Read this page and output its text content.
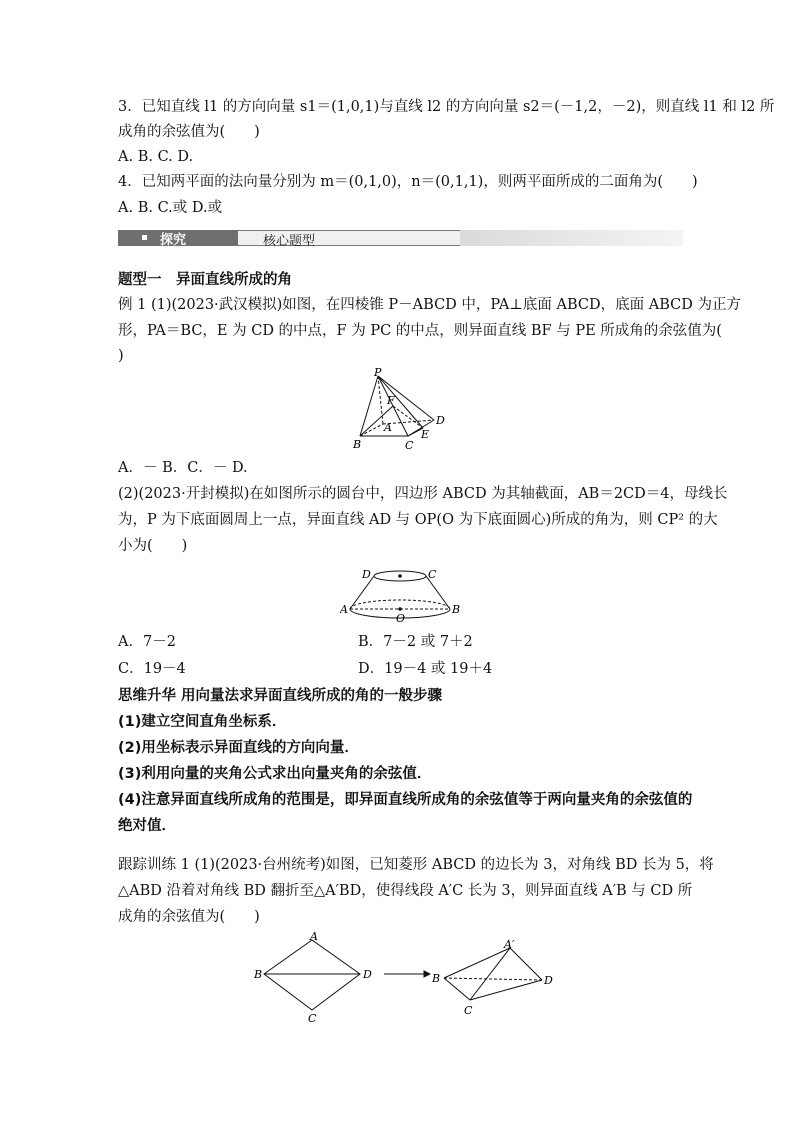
3．已知直线 l1 的方向向量 s1＝(1,0,1)与直线 l2 的方向向量 s2＝(－1,2，－2)，则直线 l1 和 l2 所
成角的余弦值为(　　)
A. B. C. D.
4．已知两平面的法向量分别为 m＝(0,1,0)，n＝(0,1,1)，则两平面所成的二面角为(　　)
A. B. C.或 D.或
探究	核心题型
题型一　异面直线所成的角
例 1 (1)(2023·武汉模拟)如图，在四棱锥 P－ABCD 中，PA⊥底面 ABCD，底面 ABCD 为正方
形，PA＝BC，E 为 CD 的中点，F 为 PC 的中点，则异面直线 BF 与 PE 所成角的余弦值为(
)
P
A
B	C
D
E
F
A．－ B．C．－ D.
(2)(2023·开封模拟)在如图所示的圆台中，四边形 ABCD 为其轴截面，AB＝2CD＝4，母线长
为，P 为下底面圆周上一点，异面直线 AD 与 OP(O 为下底面圆心)所成的角为，则 CP² 的大
小为(　　)
D	C
A	B
O
A．7－2	B．7－2 或 7＋2
C．19－4	D．19－4 或 19＋4
思维升华 用向量法求异面直线所成的角的一般步骤
(1)建立空间直角坐标系．
(2)用坐标表示异面直线的方向向量．
(3)利用向量的夹角公式求出向量夹角的余弦值．
(4)注意异面直线所成角的范围是，即异面直线所成角的余弦值等于两向量夹角的余弦值的
绝对值．
跟踪训练 1 (1)(2023·台州统考)如图，已知菱形 ABCD 的边长为 3，对角线 BD 长为 5，将
△ABD 沿着对角线 BD 翻折至△A′BD，使得线段 A′C 长为 3，则异面直线 A′B 与 CD 所
成角的余弦值为(　　)
A
B
C
D
A′
B
C
D
